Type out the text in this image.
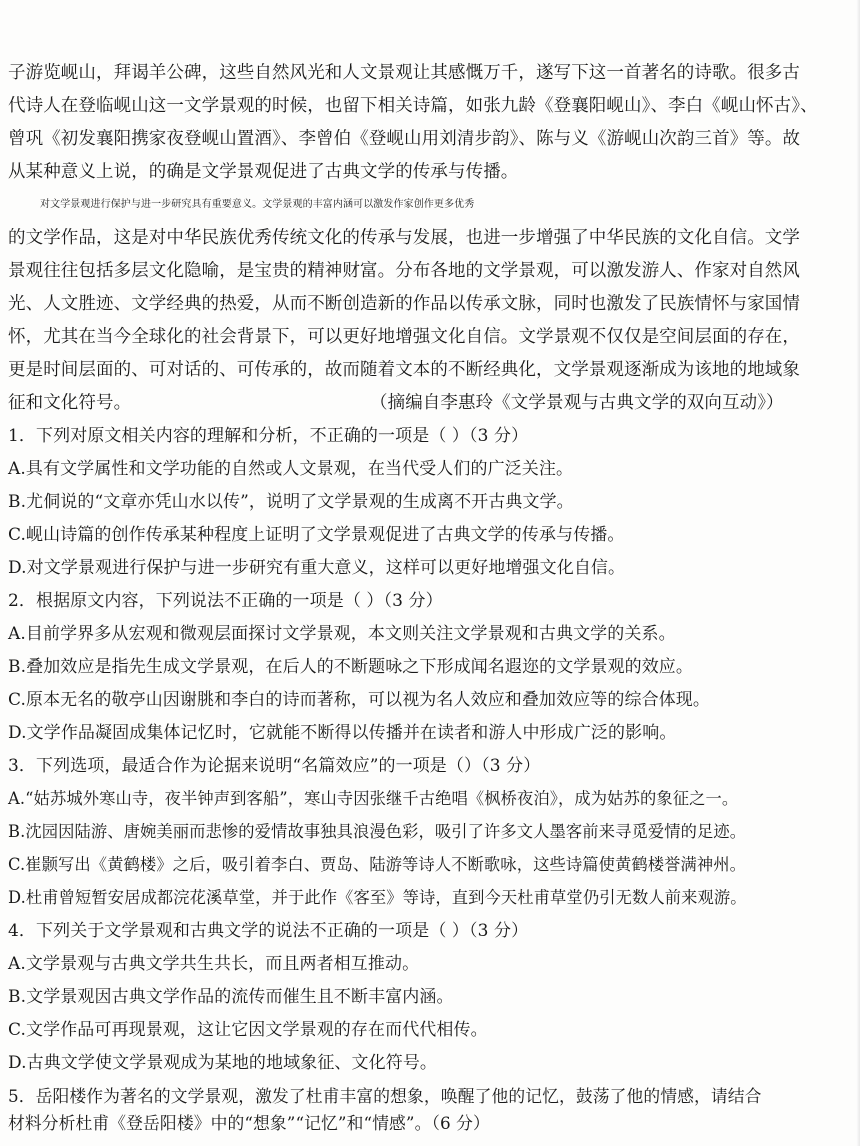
子游览岘山，拜谒羊公碑，这些自然风光和人文景观让其感慨万千，遂写下这一首著名的诗歌。很多古
代诗人在登临岘山这一文学景观的时候，也留下相关诗篇，如张九龄《登襄阳岘山》、李白《岘山怀古》、
曾巩《初发襄阳携家夜登岘山置酒》、李曾伯《登岘山用刘清步韵》、陈与义《游岘山次韵三首》等。故
从某种意义上说，的确是文学景观促进了古典文学的传承与传播。
对文学景观进行保护与进一步研究具有重要意义。文学景观的丰富内涵可以激发作家创作更多优秀
的文学作品，这是对中华民族优秀传统文化的传承与发展，也进一步增强了中华民族的文化自信。文学
景观往往包括多层文化隐喻，是宝贵的精神财富。分布各地的文学景观，可以激发游人、作家对自然风
光、人文胜迹、文学经典的热爱，从而不断创造新的作品以传承文脉，同时也激发了民族情怀与家国情
怀，尤其在当今全球化的社会背景下，可以更好地增强文化自信。文学景观不仅仅是空间层面的存在，
更是时间层面的、可对话的、可传承的，故而随着文本的不断经典化，文学景观逐渐成为该地的地域象
征和文化符号。	（摘编自李惠玲《文学景观与古典文学的双向互动》）
1．下列对原文相关内容的理解和分析，不正确的一项是（ ）（3 分）
A.具有文学属性和文学功能的自然或人文景观，在当代受人们的广泛关注。
B.尤侗说的“文章亦凭山水以传”，说明了文学景观的生成离不开古典文学。
C.岘山诗篇的创作传承某种程度上证明了文学景观促进了古典文学的传承与传播。
D.对文学景观进行保护与进一步研究有重大意义，这样可以更好地增强文化自信。
2．根据原文内容，下列说法不正确的一项是（ ）（3 分）
A.目前学界多从宏观和微观层面探讨文学景观，本文则关注文学景观和古典文学的关系。
B.叠加效应是指先生成文学景观，在后人的不断题咏之下形成闻名遐迩的文学景观的效应。
C.原本无名的敬亭山因谢朓和李白的诗而著称，可以视为名人效应和叠加效应等的综合体现。
D.文学作品凝固成集体记忆时，它就能不断得以传播并在读者和游人中形成广泛的影响。
3．下列选项，最适合作为论据来说明“名篇效应”的一项是（）（3 分）
A.“姑苏城外寒山寺，夜半钟声到客船”，寒山寺因张继千古绝唱《枫桥夜泊》，成为姑苏的象征之一。
B.沈园因陆游、唐婉美丽而悲惨的爱情故事独具浪漫色彩，吸引了许多文人墨客前来寻觅爱情的足迹。
C.崔颢写出《黄鹤楼》之后，吸引着李白、贾岛、陆游等诗人不断歌咏，这些诗篇使黄鹤楼誉满神州。
D.杜甫曾短暂安居成都浣花溪草堂，并于此作《客至》等诗，直到今天杜甫草堂仍引无数人前来观游。
4．下列关于文学景观和古典文学的说法不正确的一项是（ ）（3 分）
A.文学景观与古典文学共生共长，而且两者相互推动。
B.文学景观因古典文学作品的流传而催生且不断丰富内涵。
C.文学作品可再现景观，这让它因文学景观的存在而代代相传。
D.古典文学使文学景观成为某地的地域象征、文化符号。
5．岳阳楼作为著名的文学景观，激发了杜甫丰富的想象，唤醒了他的记忆，鼓荡了他的情感，请结合
材料分析杜甫《登岳阳楼》中的“想象”“记忆”和“情感”。（6 分）
